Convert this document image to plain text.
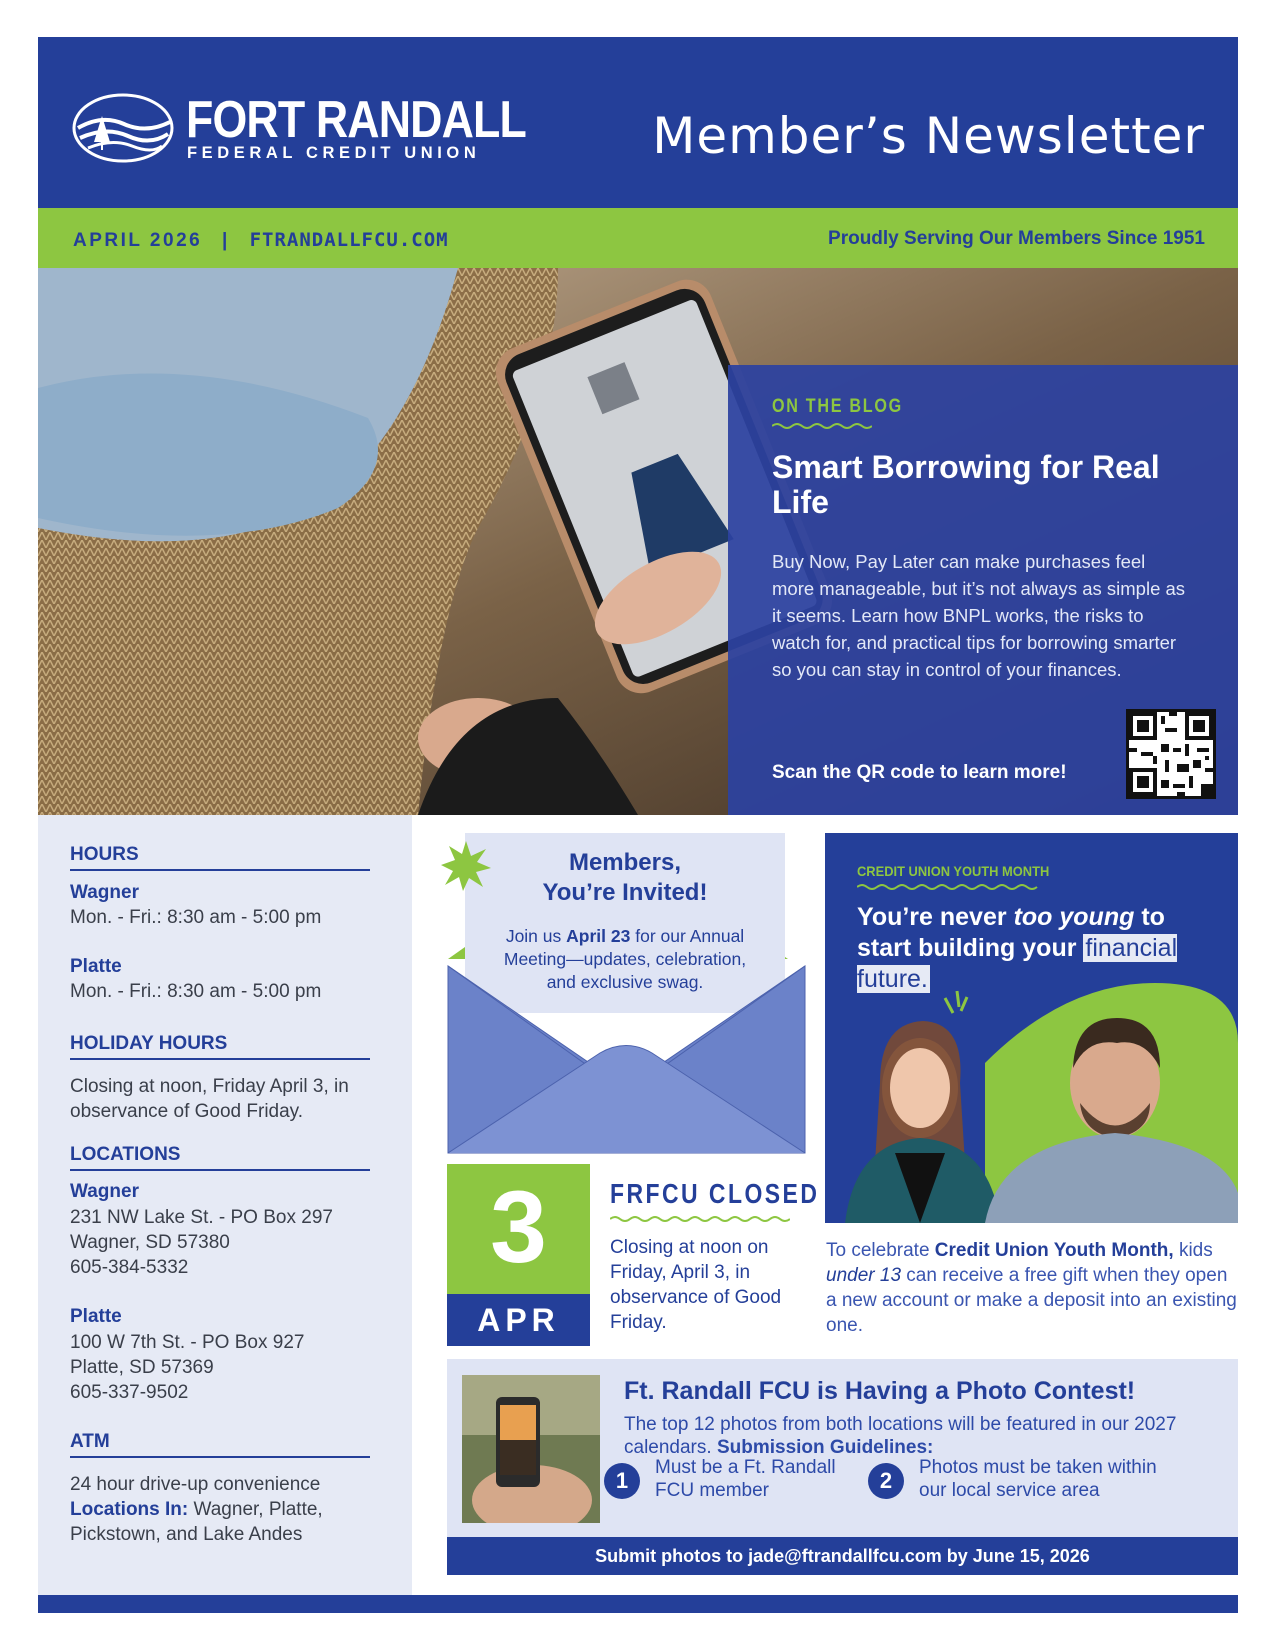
FORT RANDALL
FEDERAL CREDIT UNION	Member’s Newsletter
APRIL 2026 | FTRANDALLFCU.COM	Proudly Serving Our Members Since 1951
ON THE BLOG
Smart Borrowing for Real Life
Buy Now, Pay Later can make purchases feel more manageable, but it’s not always as simple as it seems. Learn how BNPL works, the risks to watch for, and practical tips for borrowing smarter so you can stay in control of your finances.
Scan the QR code to learn more!
HOURS
Wagner
Mon. - Fri.: 8:30 am - 5:00 pm
Platte
Mon. - Fri.: 8:30 am - 5:00 pm
HOLIDAY HOURS
Closing at noon, Friday April 3, in observance of Good Friday.
LOCATIONS
Wagner
231 NW Lake St. - PO Box 297
Wagner, SD 57380
605-384-5332
Platte
100 W 7th St. - PO Box 927
Platte, SD 57369
605-337-9502
ATM
24 hour drive-up convenience
Locations In: Wagner, Platte, Pickstown, and Lake Andes
Members,
You’re Invited!
Join us April 23 for our Annual Meeting—updates, celebration, and exclusive swag.
3
APR
FRFCU CLOSED
Closing at noon on Friday, April 3, in observance of Good Friday.
CREDIT UNION YOUTH MONTH
You’re never too young to start building your financial future.
To celebrate Credit Union Youth Month, kids under 13 can receive a free gift when they open a new account or make a deposit into an existing one.
Ft. Randall FCU is Having a Photo Contest!
The top 12 photos from both locations will be featured in our 2027 calendars. Submission Guidelines:
1
Must be a Ft. Randall FCU member	2
Photos must be taken within our local service area
Submit photos to jade@ftrandallfcu.com by June 15, 2026
